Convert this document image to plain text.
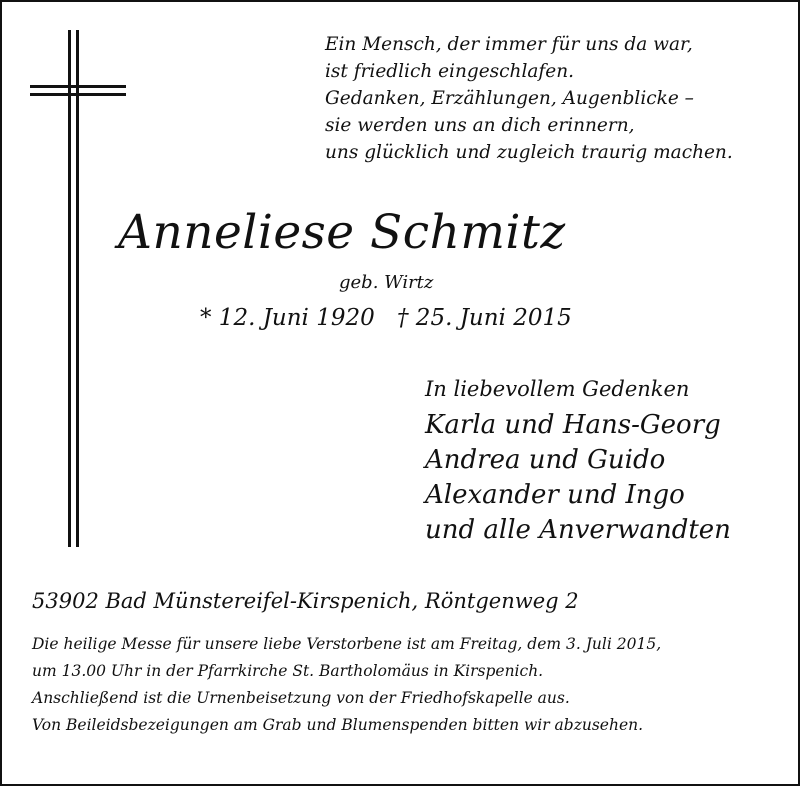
Ein Mensch, der immer für uns da war,
ist friedlich eingeschlafen.
Gedanken, Erzählungen, Augenblicke –
sie werden uns an dich erinnern,
uns glücklich und zugleich traurig machen.
Anneliese Schmitz
geb. Wirtz
* 12. Juni 1920 † 25. Juni 2015
In liebevollem Gedenken
Karla und Hans-Georg
Andrea und Guido
Alexander und Ingo
und alle Anverwandten
53902 Bad Münstereifel-Kirspenich, Röntgenweg 2
Die heilige Messe für unsere liebe Verstorbene ist am Freitag, dem 3. Juli 2015,
um 13.00 Uhr in der Pfarrkirche St. Bartholomäus in Kirspenich.
Anschließend ist die Urnenbeisetzung von der Friedhofskapelle aus.
Von Beileidsbezeigungen am Grab und Blumenspenden bitten wir abzusehen.
